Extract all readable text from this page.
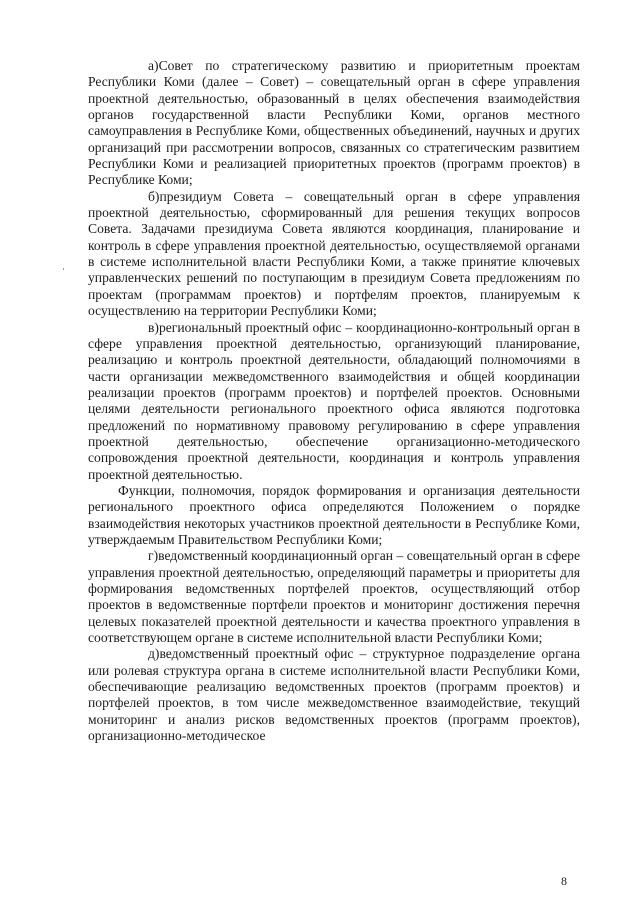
а)Совет по стратегическому развитию и приоритетным проектам Республики Коми (далее – Совет) – совещательный орган в сфере управления проектной деятельностью, образованный в целях обеспечения взаимодействия органов государственной власти Республики Коми, органов местного самоуправления в Республике Коми, общественных объединений, научных и других организаций при рассмотрении вопросов, связанных со стратегическим развитием Республики Коми и реализацией приоритетных проектов (программ проектов) в Республике Коми;

б)президиум Совета – совещательный орган в сфере управления проектной деятельностью, сформированный для решения текущих вопросов Совета. Задачами президиума Совета являются координация, планирование и контроль в сфере управления проектной деятельностью, осуществляемой органами в системе исполнительной власти Республики Коми, а также принятие ключевых управленческих решений по поступающим в президиум Совета предложениям по проектам (программам проектов) и портфелям проектов, планируемым к осуществлению на территории Республики Коми;

в)региональный проектный офис – координационно-контрольный орган в сфере управления проектной деятельностью, организующий планирование, реализацию и контроль проектной деятельности, обладающий полномочиями в части организации межведомственного взаимодействия и общей координации реализации проектов (программ проектов) и портфелей проектов. Основными целями деятельности регионального проектного офиса являются подготовка предложений по нормативному правовому регулированию в сфере управления проектной деятельностью, обеспечение организационно-методического сопровождения проектной деятельности, координация и контроль управления проектной деятельностью.

Функции, полномочия, порядок формирования и организация деятельности регионального проектного офиса определяются Положением о порядке взаимодействия некоторых участников проектной деятельности в Республике Коми, утверждаемым Правительством Республики Коми;

г)ведомственный координационный орган – совещательный орган в сфере управления проектной деятельностью, определяющий параметры и приоритеты для формирования ведомственных портфелей проектов, осуществляющий отбор проектов в ведомственные портфели проектов и мониторинг достижения перечня целевых показателей проектной деятельности и качества проектного управления в соответствующем органе в системе исполнительной власти Республики Коми;

д)ведомственный проектный офис – структурное подразделение органа или ролевая структура органа в системе исполнительной власти Республики Коми, обеспечивающие реализацию ведомственных проектов (программ проектов) и портфелей проектов, в том числе межведомственное взаимодействие, текущий мониторинг и анализ рисков ведомственных проектов (программ проектов), организационно-методическое

8
